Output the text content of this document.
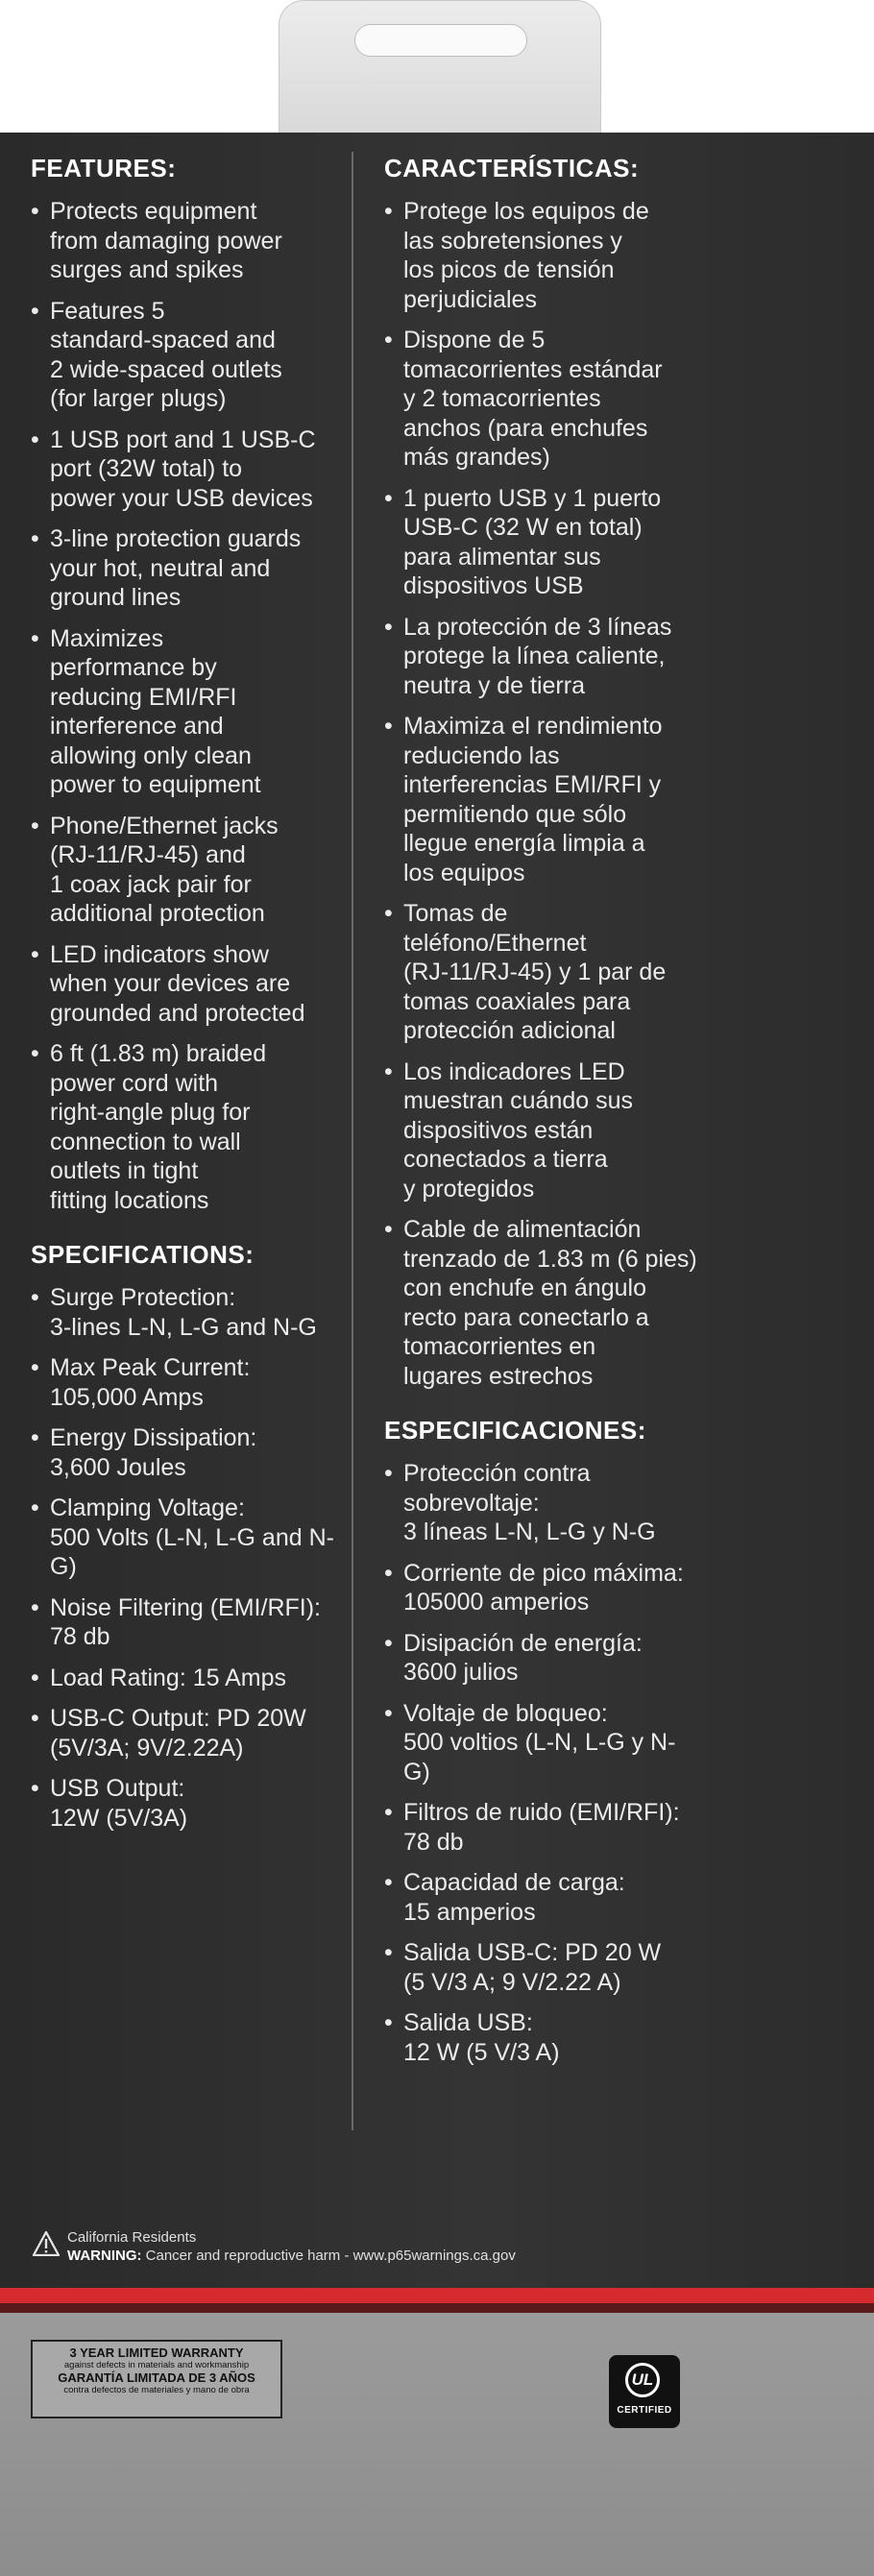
FEATURES:
• Protects equipment
from damaging power
surges and spikes
• Features 5
standard-spaced and
2 wide-spaced outlets
(for larger plugs)
• 1 USB port and 1 USB-C
port (32W total) to
power your USB devices
• 3-line protection guards
your hot, neutral and
ground lines
• Maximizes
performance by
reducing EMI/RFI
interference and
allowing only clean
power to equipment
• Phone/Ethernet jacks
(RJ-11/RJ-45) and
1 coax jack pair for
additional protection
• LED indicators show
when your devices are
grounded and protected
• 6 ft (1.83 m) braided
power cord with
right-angle plug for
connection to wall
outlets in tight
fitting locations
SPECIFICATIONS:
• Surge Protection:
3-lines L-N, L-G and N-G
• Max Peak Current:
105,000 Amps
• Energy Dissipation:
3,600 Joules
• Clamping Voltage:
500 Volts (L-N, L-G and N-G)
• Noise Filtering (EMI/RFI):
78 db
• Load Rating: 15 Amps
• USB-C Output: PD 20W
(5V/3A; 9V/2.22A)
• USB Output:
12W (5V/3A)
CARACTERÍSTICAS:
• Protege los equipos de
las sobretensiones y
los picos de tensión
perjudiciales
• Dispone de 5
tomacorrientes estándar
y 2 tomacorrientes
anchos (para enchufes
más grandes)
• 1 puerto USB y 1 puerto
USB-C (32 W en total)
para alimentar sus
dispositivos USB
• La protección de 3 líneas
protege la línea caliente,
neutra y de tierra
• Maximiza el rendimiento
reduciendo las
interferencias EMI/RFI y
permitiendo que sólo
llegue energía limpia a
los equipos
• Tomas de
teléfono/Ethernet
(RJ-11/RJ-45) y 1 par de
tomas coaxiales para
protección adicional
• Los indicadores LED
muestran cuándo sus
dispositivos están
conectados a tierra
y protegidos
• Cable de alimentación
trenzado de 1.83 m (6 pies)
con enchufe en ángulo
recto para conectarlo a
tomacorrientes en
lugares estrechos
ESPECIFICACIONES:
• Protección contra
sobrevoltaje:
3 líneas L-N, L-G y N-G
• Corriente de pico máxima:
105000 amperios
• Disipación de energía:
3600 julios
• Voltaje de bloqueo:
500 voltios (L-N, L-G y N-G)
• Filtros de ruido (EMI/RFI):
78 db
• Capacidad de carga:
15 amperios
• Salida USB-C: PD 20 W
(5 V/3 A; 9 V/2.22 A)
• Salida USB:
12 W (5 V/3 A)
California Residents
WARNING: Cancer and reproductive harm - www.p65warnings.ca.gov
3 YEAR LIMITED WARRANTY
against defects in materials and workmanship
GARANTÍA LIMITADA DE 3 AÑOS
contra defectos de materiales y mano de obra
UL
CERTIFIED
